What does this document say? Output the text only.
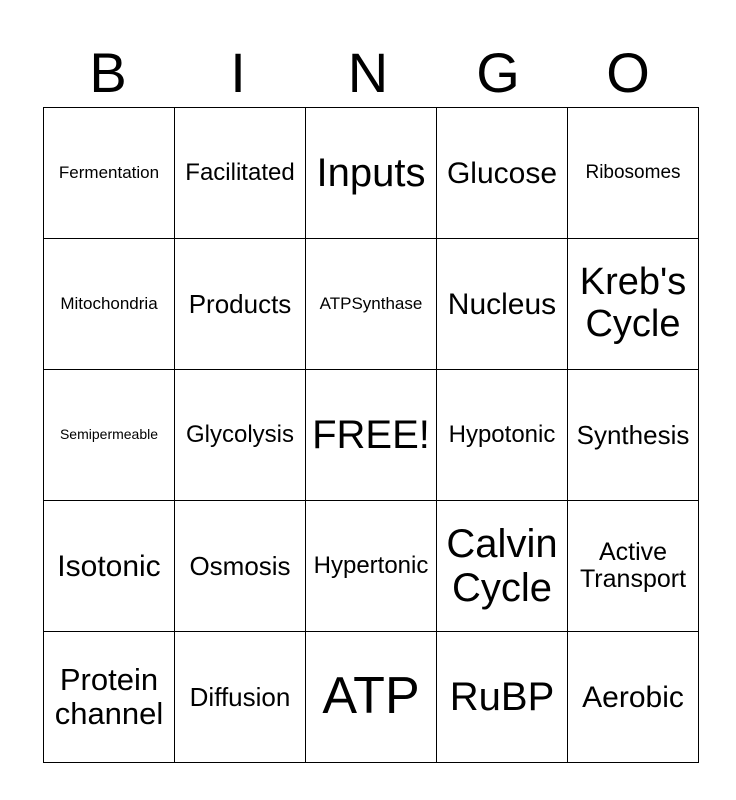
B	I	N	G	O
Fermentation	Facilitated	Inputs	Glucose	Ribosomes
Mitochondria	Products	ATPSynthase	Nucleus	Kreb's Cycle
Semipermeable	Glycolysis	FREE!	Hypotonic	Synthesis
Isotonic	Osmosis	Hypertonic	Calvin Cycle	Active Transport
Protein channel	Diffusion	ATP	RuBP	Aerobic
